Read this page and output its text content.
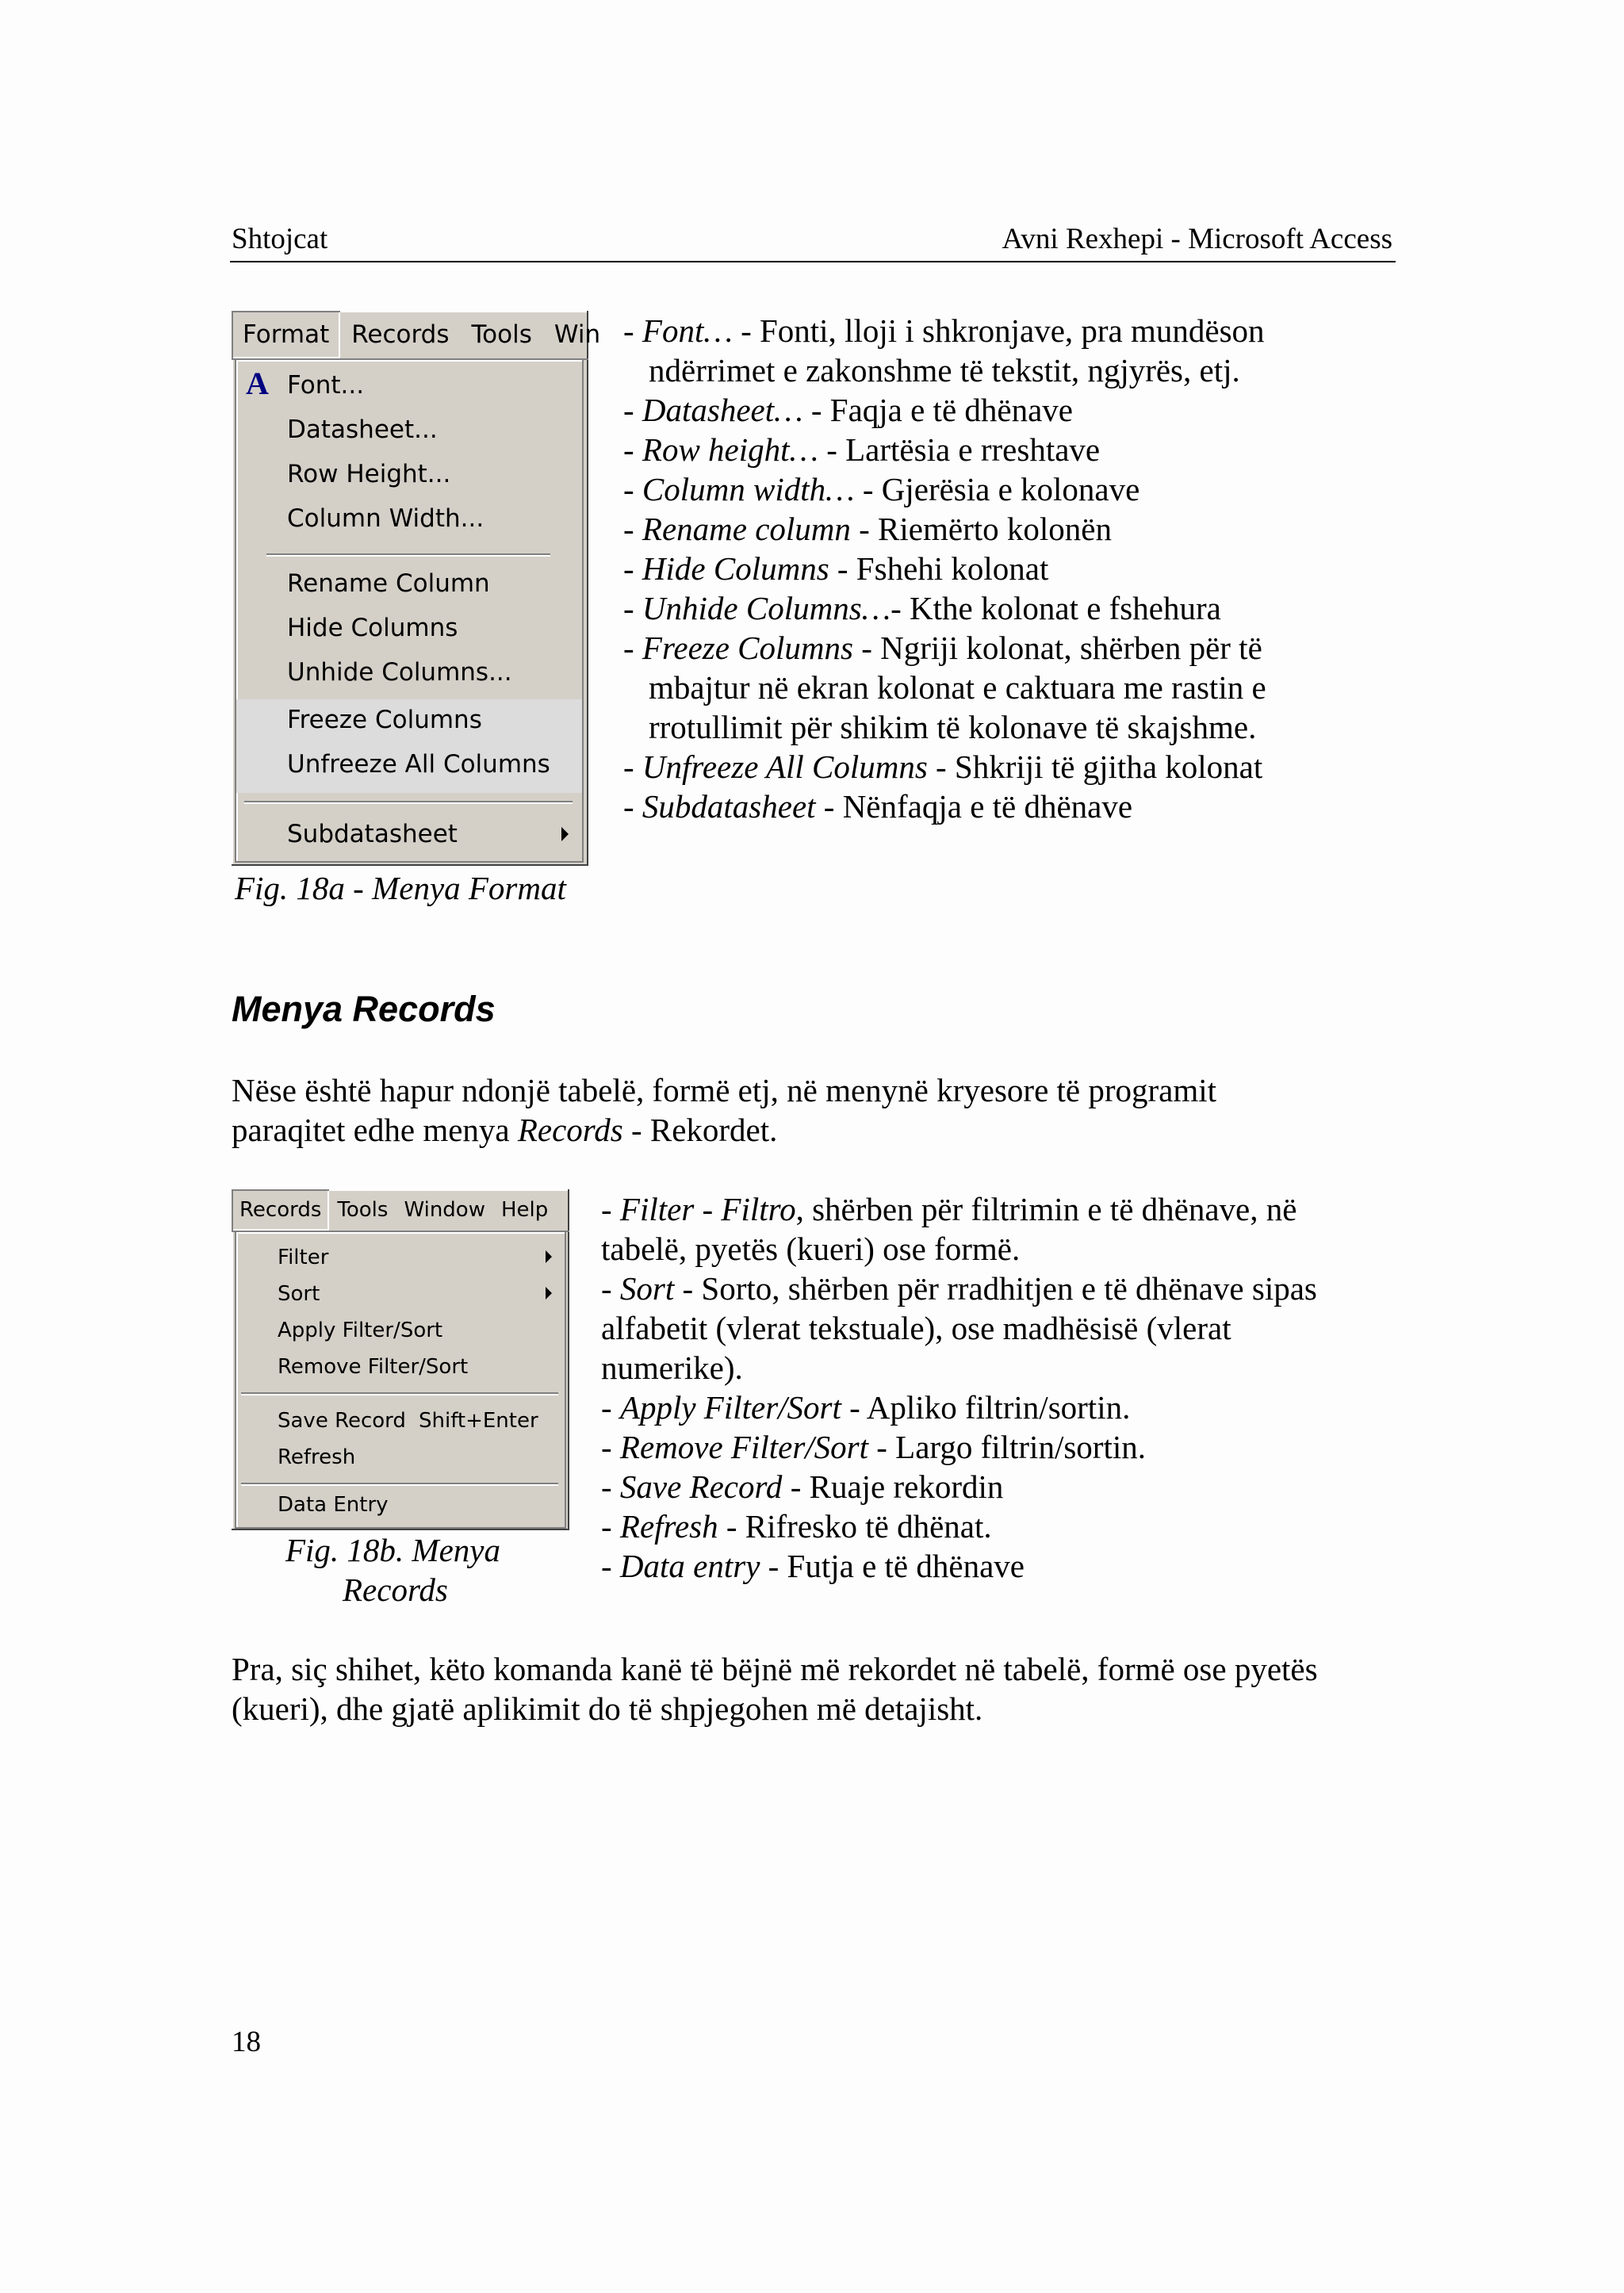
Shtojcat	Avni Rexhepi - Microsoft Access
Format Records Tools Win
A Font...
Datasheet...
Row Height...
Column Width...
Rename Column
Hide Columns
Unhide Columns...
Freeze Columns
Unfreeze All Columns
Subdatasheet
Fig. 18a - Menya Format
- Font… - Fonti, lloji i shkronjave, pra mundëson
ndërrimet e zakonshme të tekstit, ngjyrës, etj.
- Datasheet… - Faqja e të dhënave
- Row height… - Lartësia e rreshtave
- Column width… - Gjerësia e kolonave
- Rename column - Riemërto kolonën
- Hide Columns - Fshehi kolonat
- Unhide Columns…- Kthe kolonat e fshehura
- Freeze Columns - Ngriji kolonat, shërben për të
mbajtur në ekran kolonat e caktuara me rastin e
rrotullimit për shikim të kolonave të skajshme.
- Unfreeze All Columns - Shkriji të gjitha kolonat
- Subdatasheet - Nënfaqja e të dhënave
Menya Records
Nëse është hapur ndonjë tabelë, formë etj, në menynë kryesore të programit
paraqitet edhe menya Records - Rekordet.
Records Tools Window Help
Filter
Sort
Apply Filter/Sort
Remove Filter/Sort
Save Record Shift+Enter
Refresh
Data Entry
Fig. 18b. Menya
Records
- Filter - Filtro, shërben për filtrimin e të dhënave, në
tabelë, pyetës (kueri) ose formë.
- Sort - Sorto, shërben për rradhitjen e të dhënave sipas
alfabetit (vlerat tekstuale), ose madhësisë (vlerat
numerike).
- Apply Filter/Sort - Apliko filtrin/sortin.
- Remove Filter/Sort - Largo filtrin/sortin.
- Save Record - Ruaje rekordin
- Refresh - Rifresko të dhënat.
- Data entry - Futja e të dhënave
Pra, siç shihet, këto komanda kanë të bëjnë më rekordet në tabelë, formë ose pyetës
(kueri), dhe gjatë aplikimit do të shpjegohen më detajisht.
18
